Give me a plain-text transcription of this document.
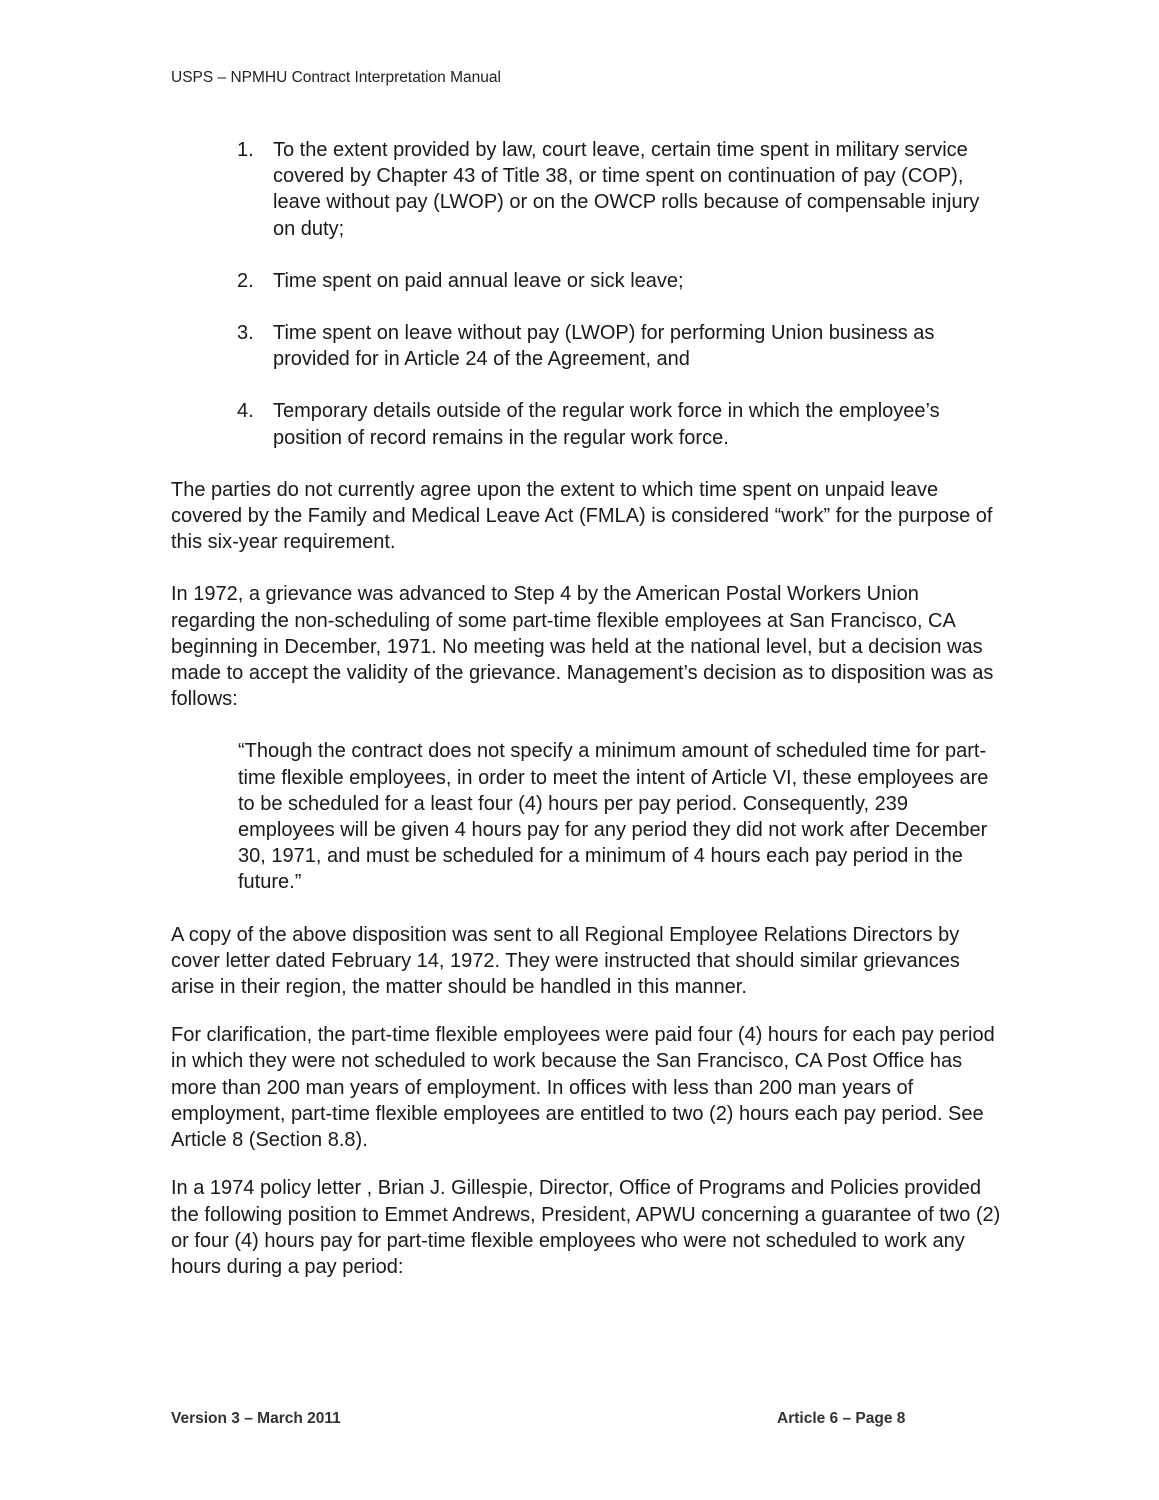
USPS – NPMHU Contract Interpretation Manual
1. To the extent provided by law, court leave, certain time spent in military service covered by Chapter 43 of Title 38, or time spent on continuation of pay (COP), leave without pay (LWOP) or on the OWCP rolls because of compensable injury on duty;
2. Time spent on paid annual leave or sick leave;
3. Time spent on leave without pay (LWOP) for performing Union business as provided for in Article 24 of the Agreement, and
4. Temporary details outside of the regular work force in which the employee’s position of record remains in the regular work force.

The parties do not currently agree upon the extent to which time spent on unpaid leave covered by the Family and Medical Leave Act (FMLA) is considered “work” for the purpose of this six-year requirement.

In 1972, a grievance was advanced to Step 4 by the American Postal Workers Union regarding the non-scheduling of some part-time flexible employees at San Francisco, CA beginning in December, 1971. No meeting was held at the national level, but a decision was made to accept the validity of the grievance. Management’s decision as to disposition was as follows:

“Though the contract does not specify a minimum amount of scheduled time for part-time flexible employees, in order to meet the intent of Article VI, these employees are to be scheduled for a least four (4) hours per pay period. Consequently, 239 employees will be given 4 hours pay for any period they did not work after December 30, 1971, and must be scheduled for a minimum of 4 hours each pay period in the future.”

A copy of the above disposition was sent to all Regional Employee Relations Directors by cover letter dated February 14, 1972. They were instructed that should similar grievances arise in their region, the matter should be handled in this manner.

For clarification, the part-time flexible employees were paid four (4) hours for each pay period in which they were not scheduled to work because the San Francisco, CA Post Office has more than 200 man years of employment. In offices with less than 200 man years of employment, part-time flexible employees are entitled to two (2) hours each pay period. See Article 8 (Section 8.8).

In a 1974 policy letter , Brian J. Gillespie, Director, Office of Programs and Policies provided the following position to Emmet Andrews, President, APWU concerning a guarantee of two (2) or four (4) hours pay for part-time flexible employees who were not scheduled to work any hours during a pay period:

Version 3 – March 2011	Article 6 – Page 8
